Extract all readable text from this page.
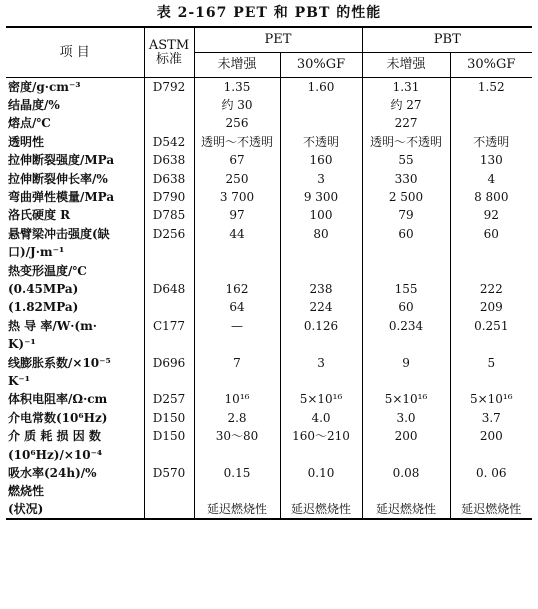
表 2-167 PET 和 PBT 的性能
项 目	ASTM
标准	PET		PBT	
		未增强	30%GF	未增强	30%GF
密度/g·cm⁻³	D792	1.35	1.60	1.31	1.52
结晶度/%		约 30		约 27	
熔点/℃		256		227	
透明性	D542	透明～不透明	不透明	透明～不透明	不透明
拉伸断裂强度/MPa	D638	67	160	55	130
拉伸断裂伸长率/%	D638	250	3	330	4
弯曲弹性模量/MPa	D790	3 700	9 300	2 500	8 800
洛氏硬度 R	D785	97	100	79	92
悬臂梁冲击强度(缺	D256	44	80	60	60
口)/J·m⁻¹					
热变形温度/℃					
(0.45MPa)	D648	162	238	155	222
(1.82MPa)		64	224	60	209
热 导 率/W·(m·	C177	—	0.126	0.234	0.251
K)⁻¹					
线膨胀系数/×10⁻⁵	D696	7	3	9	5
K⁻¹					
体积电阻率/Ω·cm	D257	10¹⁶	5×10¹⁶	5×10¹⁶	5×10¹⁶
介电常数(10⁶Hz)	D150	2.8	4.0	3.0	3.7
介 质 耗 损 因 数	D150	30～80	160～210	200	200
(10⁶Hz)/×10⁻⁴					
吸水率(24h)/%	D570	0.15	0.10	0.08	0. 06
燃烧性					
(状况)		延迟燃烧性	延迟燃烧性	延迟燃烧性	延迟燃烧性
